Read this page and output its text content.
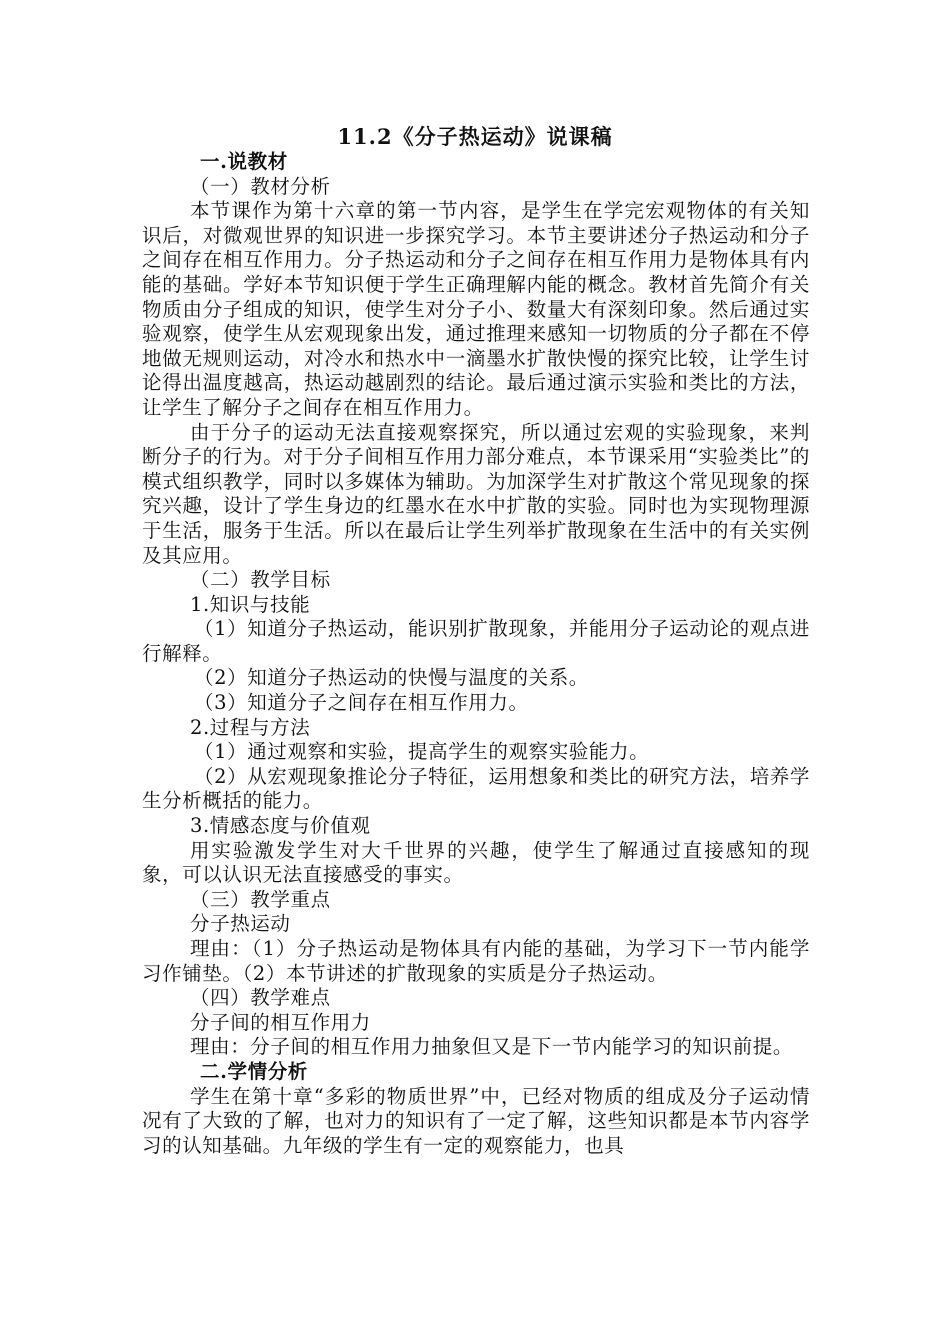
11.2《分子热运动》说课稿

一.说教材

（一）教材分析

本节课作为第十六章的第一节内容，是学生在学完宏观物体的有关知识后，对微观世界的知识进一步探究学习。本节主要讲述分子热运动和分子之间存在相互作用力。分子热运动和分子之间存在相互作用力是物体具有内能的基础。学好本节知识便于学生正确理解内能的概念。教材首先简介有关物质由分子组成的知识，使学生对分子小、数量大有深刻印象。然后通过实验观察，使学生从宏观现象出发，通过推理来感知一切物质的分子都在不停地做无规则运动，对冷水和热水中一滴墨水扩散快慢的探究比较，让学生讨论得出温度越高，热运动越剧烈的结论。最后通过演示实验和类比的方法，让学生了解分子之间存在相互作用力。

由于分子的运动无法直接观察探究，所以通过宏观的实验现象，来判断分子的行为。对于分子间相互作用力部分难点，本节课采用“实验类比”的模式组织教学，同时以多媒体为辅助。为加深学生对扩散这个常见现象的探究兴趣，设计了学生身边的红墨水在水中扩散的实验。同时也为实现物理源于生活，服务于生活。所以在最后让学生列举扩散现象在生活中的有关实例及其应用。

（二）教学目标

1.知识与技能

（1）知道分子热运动，能识别扩散现象，并能用分子运动论的观点进行解释。

（2）知道分子热运动的快慢与温度的关系。

（3）知道分子之间存在相互作用力。

2.过程与方法

（1）通过观察和实验，提高学生的观察实验能力。

（2）从宏观现象推论分子特征，运用想象和类比的研究方法，培养学生分析概括的能力。

3.情感态度与价值观

用实验激发学生对大千世界的兴趣，使学生了解通过直接感知的现象，可以认识无法直接感受的事实。

（三）教学重点

分子热运动

理由：（1）分子热运动是物体具有内能的基础，为学习下一节内能学习作铺垫。（2）本节讲述的扩散现象的实质是分子热运动。

（四）教学难点

分子间的相互作用力

理由：分子间的相互作用力抽象但又是下一节内能学习的知识前提。

二.学情分析

学生在第十章“多彩的物质世界”中，已经对物质的组成及分子运动情况有了大致的了解，也对力的知识有了一定了解，这些知识都是本节内容学习的认知基础。九年级的学生有一定的观察能力，也具
